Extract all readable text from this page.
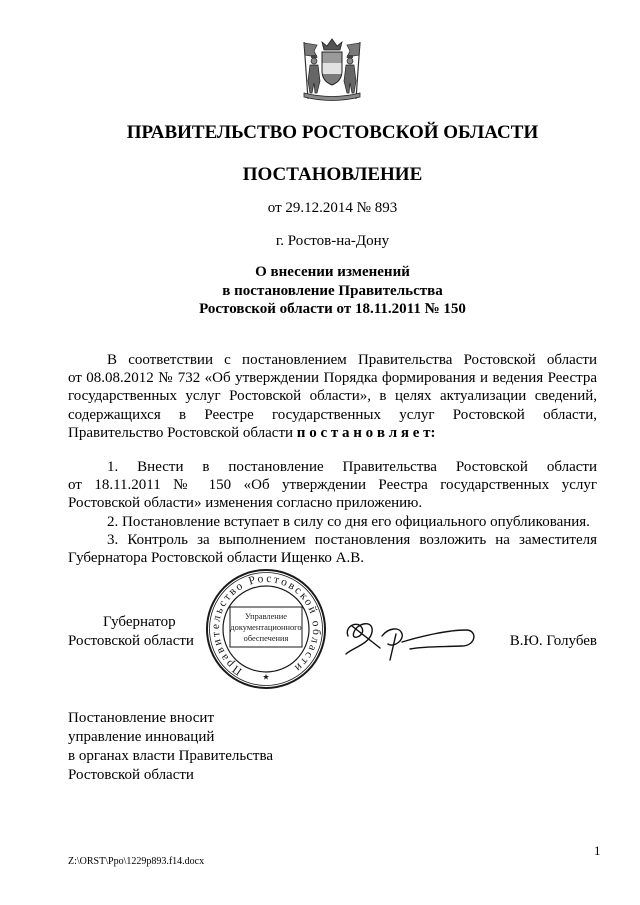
ПРАВИТЕЛЬСТВО РОСТОВСКОЙ ОБЛАСТИ
ПОСТАНОВЛЕНИЕ
от 29.12.2014 № 893
г. Ростов-на-Дону
О внесении изменений
в постановление Правительства
Ростовской области от 18.11.2011 № 150
В соответствии с постановлением Правительства Ростовской области
от 08.08.2012 № 732 «Об утверждении Порядка формирования и ведения Реестра
государственных услуг Ростовской области», в целях актуализации сведений,
содержащихся в Реестре государственных услуг Ростовской области,
Правительство Ростовской области п о с т а н о в л я е т:
1. Внести в постановление Правительства Ростовской области
от 18.11.2011 № 150 «Об утверждении Реестра государственных услуг
Ростовской области» изменения согласно приложению.
2. Постановление вступает в силу со дня его официального опубликования.
3. Контроль за выполнением постановления возложить на заместителя
Губернатора Ростовской области Ищенко А.В.
Губернатор
Ростовской области	В.Ю. Голубев
Правительство Ростовской области
Управление
документационного
обеспечения
Постановление вносит
управление инноваций
в органах власти Правительства
Ростовской области
1
Z:\ORST\Ppo\1229p893.f14.docx
